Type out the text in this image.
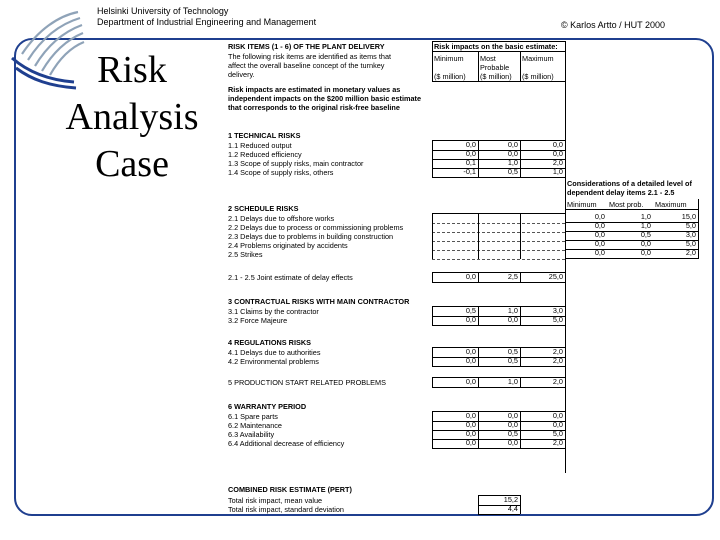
Helsinki University of Technology
Department of Industrial Engineering and Management	© Karlos Artto / HUT 2000
Risk
Analysis
Case
RISK ITEMS (1 - 6) OF THE PLANT DELIVERY
The following risk items are identified as items that
affect the overall baseline concept of the turnkey
delivery.
Risk impacts are estimated in monetary values as
independent impacts on the $200 million basic estimate
that corresponds to the original risk-free baseline
Risk impacts on the basic estimate:
Minimum
($ million)
Most
Probable
($ million)
Maximum
($ million)
1 TECHNICAL RISKS
1.1 Reduced output	0,0	0,0	0,0
1.2 Reduced efficiency	0,0	0,0	0,0
1.3 Scope of supply risks, main contractor	0,1	1,0	2,0
1.4 Scope of supply risks, others	-0,1	0,5	1,0
2 SCHEDULE RISKS
2.1 Delays due to offshore works
2.2 Delays due to process or commissioning problems
2.3 Delays due to problems in building construction
2.4 Problems originated by accidents
2.5 Strikes
2.1 - 2.5 Joint estimate of delay effects	0,0	2,5	25,0
3 CONTRACTUAL RISKS WITH MAIN CONTRACTOR
3.1 Claims by the contractor	0,5	1,0	3,0
3.2 Force Majeure	0,0	0,0	5,0
4 REGULATIONS RISKS
4.1 Delays due to authorities	0,0	0,5	2,0
4.2 Environmental problems	0,0	0,5	2,0
5 PRODUCTION START RELATED PROBLEMS	0,0	1,0	2,0
6 WARRANTY PERIOD
6.1 Spare parts	0,0	0,0	0,0
6.2 Maintenance	0,0	0,0	0,0
6.3 Availability	0,0	0,5	5,0
6.4 Additional decrease of efficiency	0,0	0,0	2,0
Considerations of a detailed level of
dependent delay items 2.1 - 2.5
Minimum Most prob. Maximum
0,0	1,0	15,0
0,0	1,0	5,0
0,0	0,5	3,0
0,0	0,0	5,0
0,0	0,0	2,0
COMBINED RISK ESTIMATE (PERT)
Total risk impact, mean value	15,2
Total risk impact, standard deviation	4,4
